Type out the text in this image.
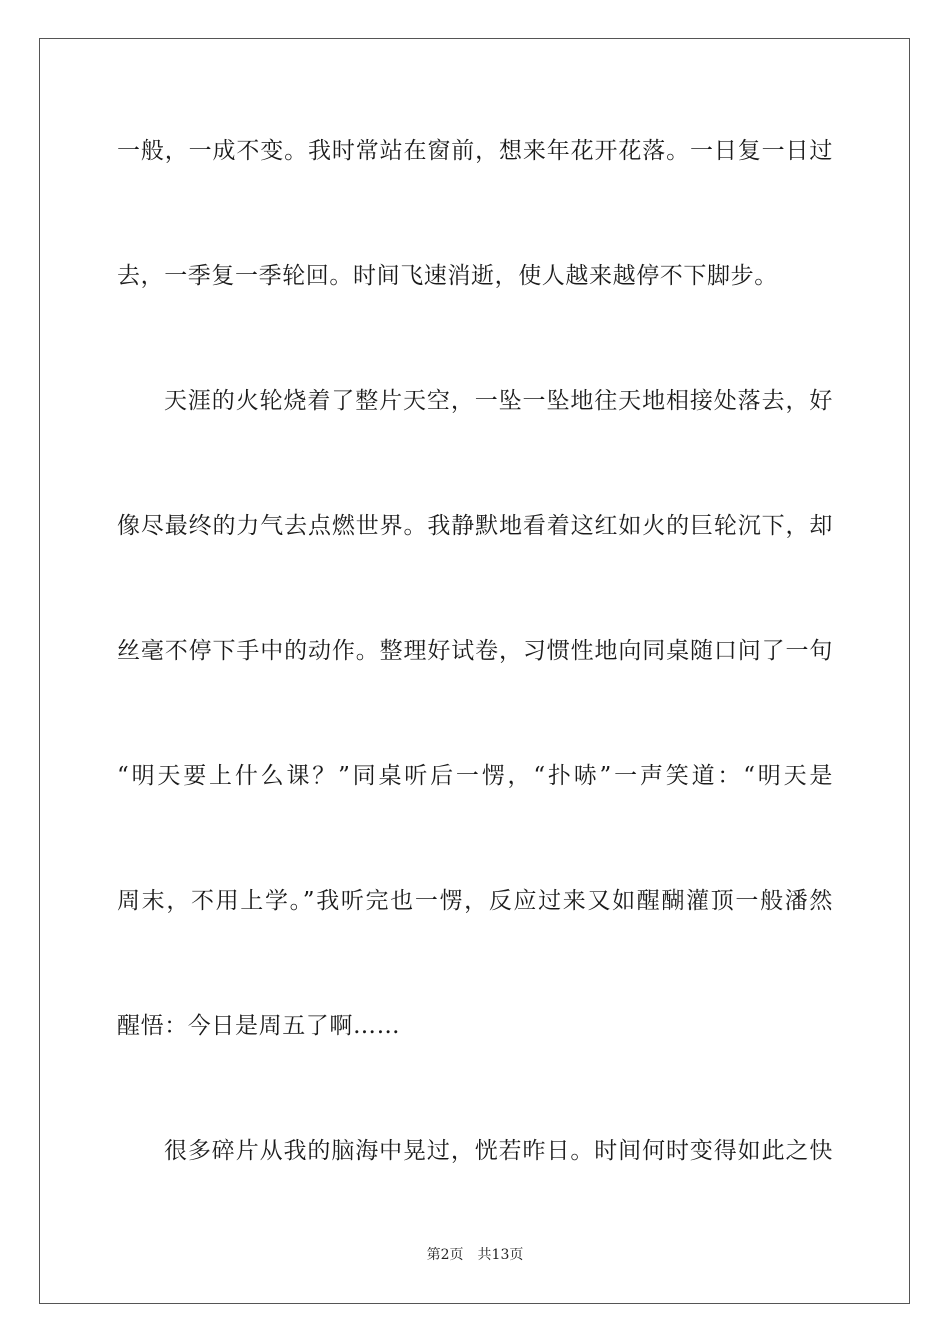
一般，一成不变。我时常站在窗前，想来年花开花落。一日复一日过
去，一季复一季轮回。时间飞速消逝，使人越来越停不下脚步。
天涯的火轮烧着了整片天空，一坠一坠地往天地相接处落去，好
像尽最终的力气去点燃世界。我静默地看着这红如火的巨轮沉下，却
丝毫不停下手中的动作。整理好试卷，习惯性地向同桌随口问了一句
“明天要上什么课？”同桌听后一愣，“扑哧”一声笑道：“明天是
周末，不用上学。”我听完也一愣，反应过来又如醒醐灌顶一般潘然
醒悟：今日是周五了啊……
很多碎片从我的脑海中晃过，恍若昨日。时间何时变得如此之快
第2页 共13页
